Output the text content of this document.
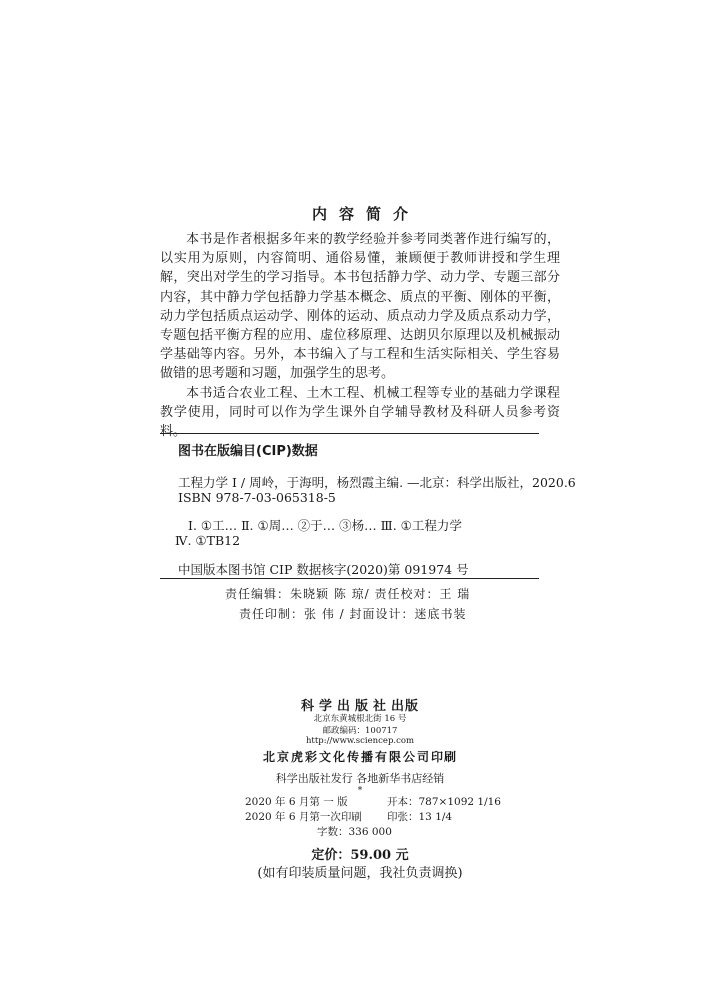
内容简介

本书是作者根据多年来的教学经验并参考同类著作进行编写的，以实用为原则，内容简明、通俗易懂，兼顾便于教师讲授和学生理解，突出对学生的学习指导。本书包括静力学、动力学、专题三部分内容，其中静力学包括静力学基本概念、质点的平衡、刚体的平衡，动力学包括质点运动学、刚体的运动、质点动力学及质点系动力学，专题包括平衡方程的应用、虚位移原理、达朗贝尔原理以及机械振动学基础等内容。另外，本书编入了与工程和生活实际相关、学生容易做错的思考题和习题，加强学生的思考。

本书适合农业工程、土木工程、机械工程等专业的基础力学课程教学使用，同时可以作为学生课外自学辅导教材及科研人员参考资料。

图书在版编目(CIP)数据
工程力学 Ⅰ / 周岭，于海明，杨烈霞主编. —北京：科学出版社，2020.6
ISBN 978-7-03-065318-5
Ⅰ. ①工… Ⅱ. ①周… ②于… ③杨… Ⅲ. ①工程力学
Ⅳ. ①TB12
中国版本图书馆 CIP 数据核字(2020)第 091974 号
责任编辑：朱晓颖 陈 琼/ 责任校对：王 瑞
责任印制：张 伟 / 封面设计：迷底书装
科学出版社出版
北京东黄城根北街 16 号
邮政编码：100717
http://www.sciencep.com
北京虎彩文化传播有限公司印刷
科学出版社发行 各地新华书店经销
*
2020 年 6 月第 一 版	开本：787×1092 1/16
2020 年 6 月第一次印刷 印张：13 1/4
字数：336 000
定价：59.00 元
(如有印装质量问题，我社负责调换)
